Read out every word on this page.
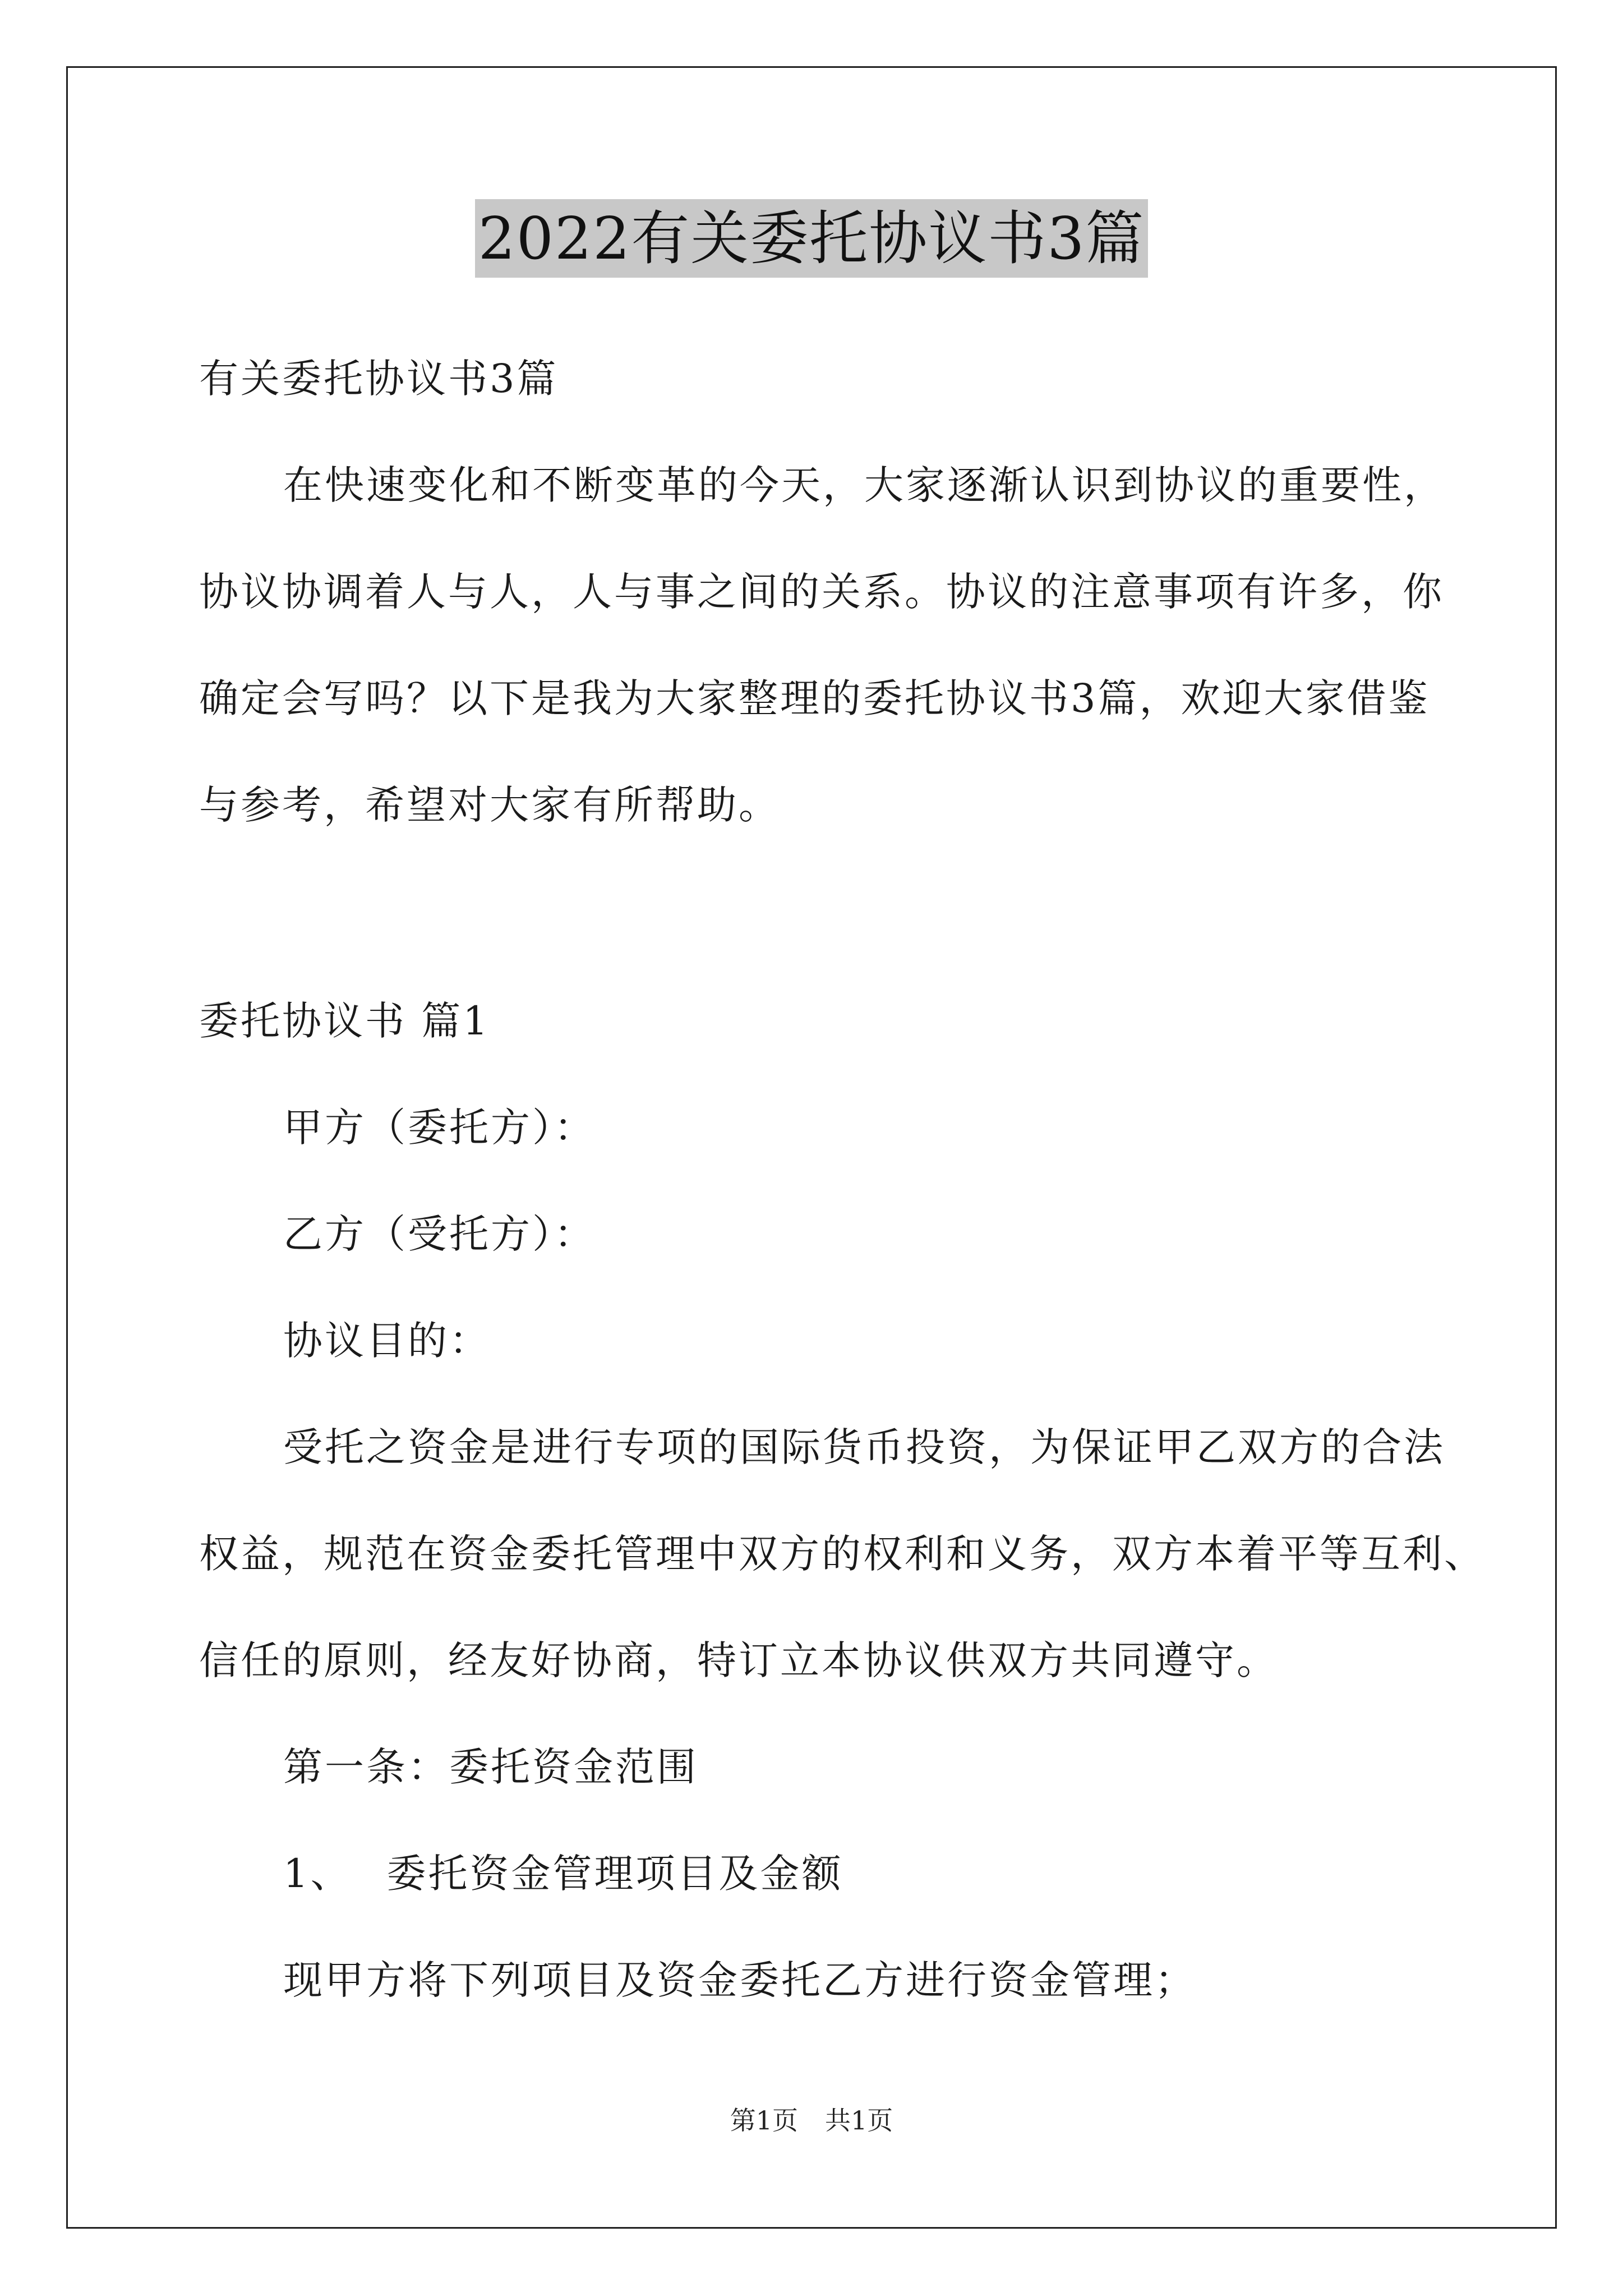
2022有关委托协议书3篇
有关委托协议书3篇
在快速变化和不断变革的今天，大家逐渐认识到协议的重要性，
协议协调着人与人，人与事之间的关系。协议的注意事项有许多，你
确定会写吗？以下是我为大家整理的委托协议书3篇，欢迎大家借鉴
与参考，希望对大家有所帮助。
委托协议书 篇1
甲方（委托方）：
乙方（受托方）：
协议目的：
受托之资金是进行专项的国际货币投资，为保证甲乙双方的合法
权益，规范在资金委托管理中双方的权利和义务，双方本着平等互利、
信任的原则，经友好协商，特订立本协议供双方共同遵守。
第一条：委托资金范围
1、 委托资金管理项目及金额
现甲方将下列项目及资金委托乙方进行资金管理；
第1页 共1页
